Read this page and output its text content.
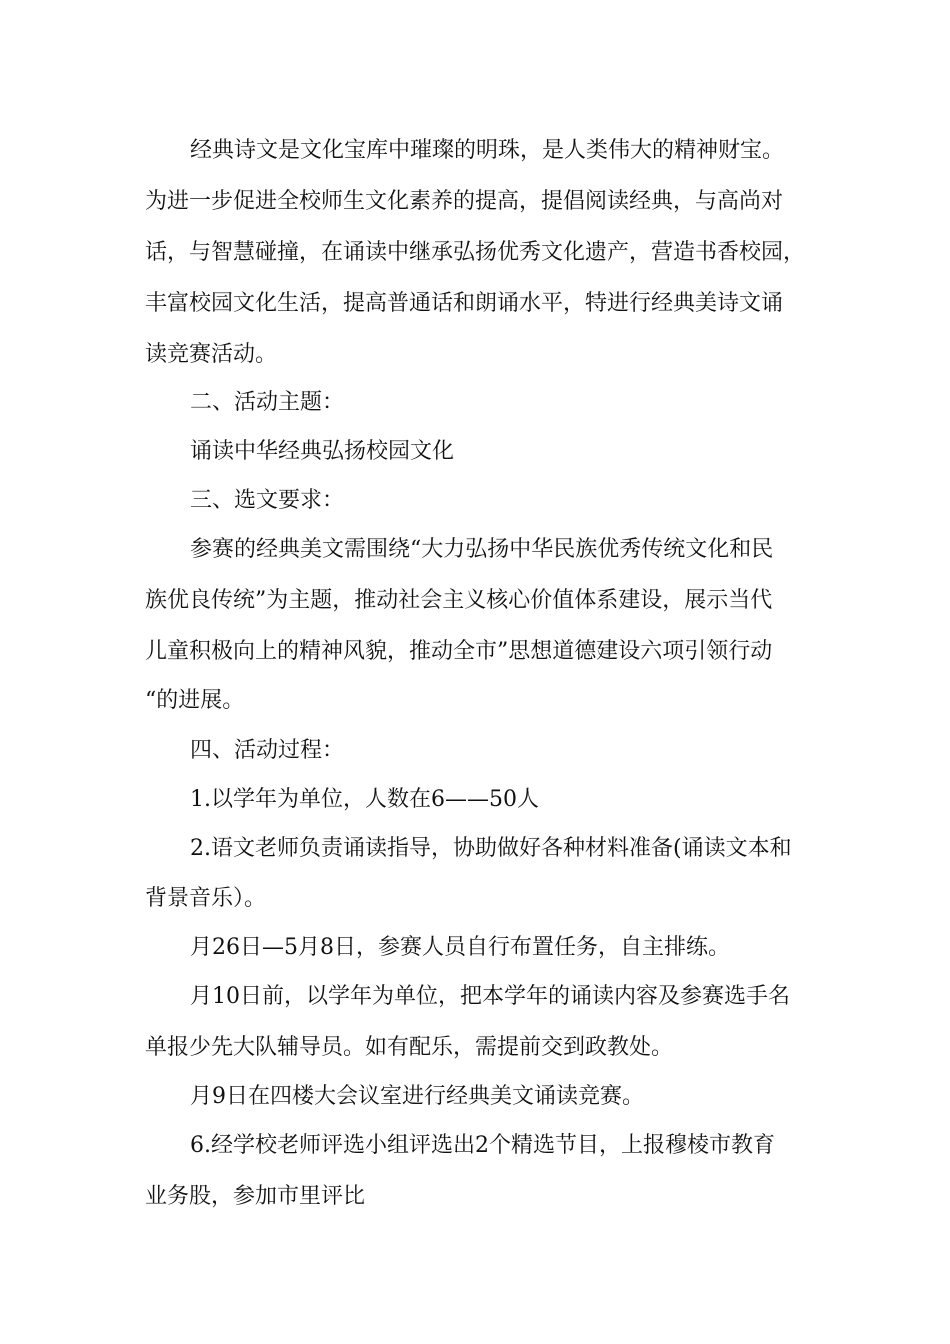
经典诗文是文化宝库中璀璨的明珠，是人类伟大的精神财宝。
为进一步促进全校师生文化素养的提高，提倡阅读经典，与高尚对
话，与智慧碰撞，在诵读中继承弘扬优秀文化遗产，营造书香校园，
丰富校园文化生活，提高普通话和朗诵水平，特进行经典美诗文诵
读竞赛活动。
二、活动主题：
诵读中华经典弘扬校园文化
三、选文要求：
参赛的经典美文需围绕“大力弘扬中华民族优秀传统文化和民
族优良传统”为主题，推动社会主义核心价值体系建设，展示当代
儿童积极向上的精神风貌，推动全市”思想道德建设六项引领行动
“的进展。
四、活动过程：
1.以学年为单位，人数在6——50人
2.语文老师负责诵读指导，协助做好各种材料准备(诵读文本和
背景音乐）。
月26日—5月8日，参赛人员自行布置任务，自主排练。
月10日前，以学年为单位，把本学年的诵读内容及参赛选手名
单报少先大队辅导员。如有配乐，需提前交到政教处。
月9日在四楼大会议室进行经典美文诵读竞赛。
6.经学校老师评选小组评选出2个精选节目，上报穆棱市教育
业务股，参加市里评比
